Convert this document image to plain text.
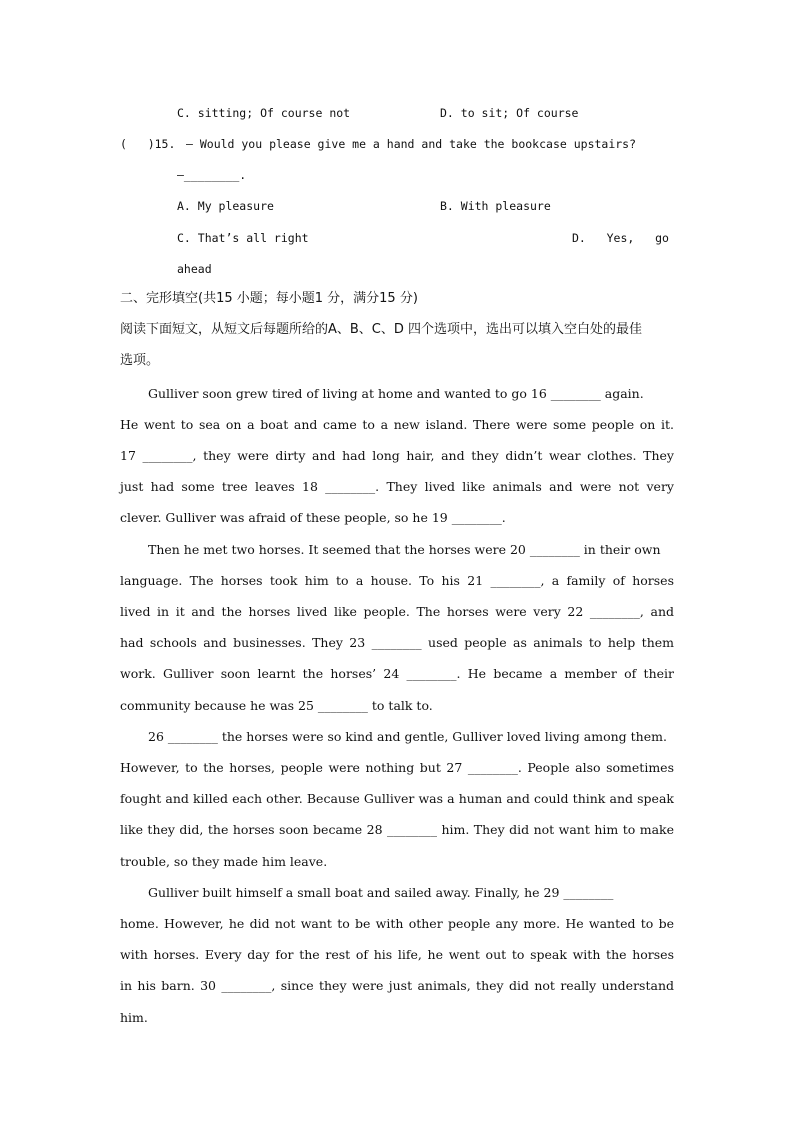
C. sitting; Of course not	D. to sit; Of course
(   )15. — Would you please give me a hand and take the bookcase upstairs?
—________.
A. My pleasure	B. With pleasure
C. That’s all right	D.   Yes,   go
ahead
二、完形填空(共15 小题；每小题1 分，满分15 分)
阅读下面短文，从短文后每题所给的A、B、C、D 四个选项中，选出可以填入空白处的最佳
选项。
Gulliver soon grew tired of living at home and wanted to go 16 ________ again.
He went to sea on a boat and came to a new island. There were some people on it.
17 ________, they were dirty and had long hair, and they didn’t wear clothes. They
just had some tree leaves 18 ________. They lived like animals and were not very
clever. Gulliver was afraid of these people, so he 19 ________.
Then he met two horses. It seemed that the horses were 20 ________ in their own
language. The horses took him to a house. To his 21 ________, a family of horses
lived in it and the horses lived like people. The horses were very 22 ________, and
had schools and businesses. They 23 ________ used people as animals to help them
work. Gulliver soon learnt the horses’ 24 ________. He became a member of their
community because he was 25 ________ to talk to.
26 ________ the horses were so kind and gentle, Gulliver loved living among them.
However, to the horses, people were nothing but 27 ________. People also sometimes
fought and killed each other. Because Gulliver was a human and could think and speak
like they did, the horses soon became 28 ________ him. They did not want him to make
trouble, so they made him leave.
Gulliver built himself a small boat and sailed away. Finally, he 29 ________
home. However, he did not want to be with other people any more. He wanted to be
with horses. Every day for the rest of his life, he went out to speak with the horses
in his barn. 30 ________, since they were just animals, they did not really understand
him.
